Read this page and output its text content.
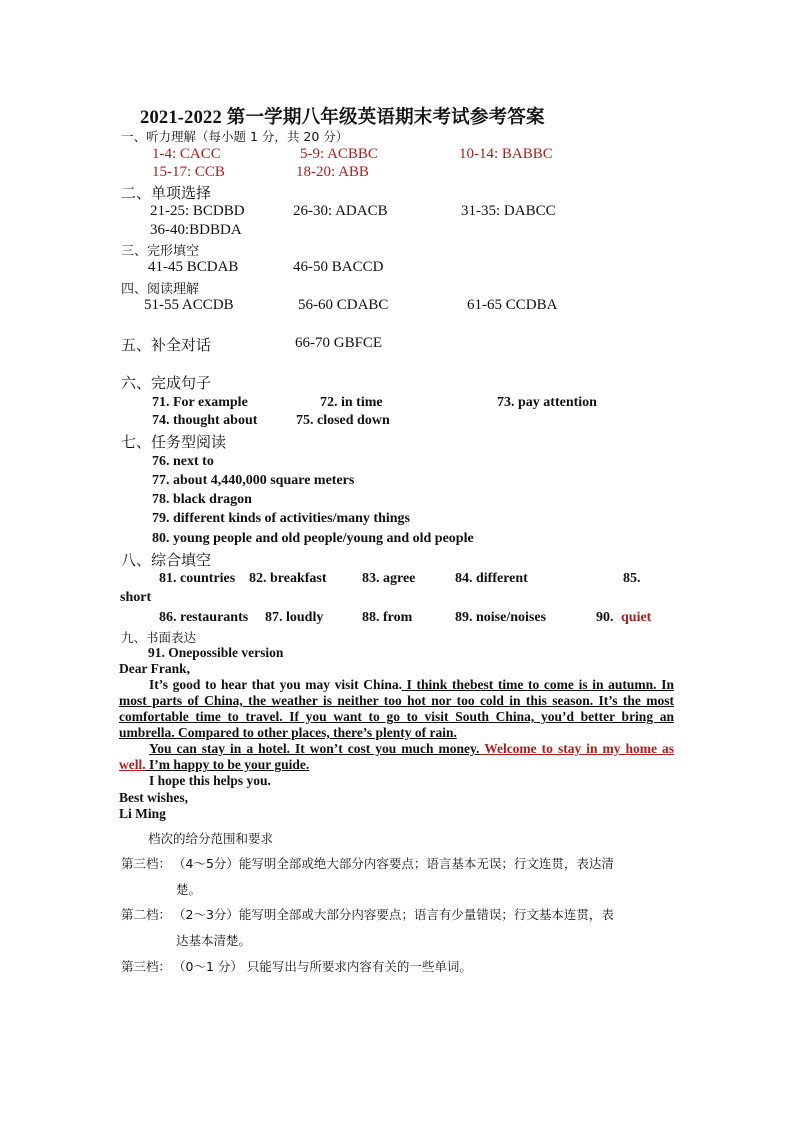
2021-2022 第一学期八年级英语期末考试参考答案
一、听力理解（每小题 1 分，共 20 分）
1-4: CACC	5-9: ACBBC	10-14: BABBC
15-17: CCB	18-20: ABB
二、单项选择
21-25: BCDBD	26-30: ADACB	31-35: DABCC
36-40:BDBDA
三、完形填空
41-45 BCDAB	46-50 BACCD
四、阅读理解
51-55 ACCDB	56-60 CDABC	61-65 CCDBA
五、补全对话	66-70 GBFCE
六、完成句子
71. For example	72. in time	73. pay attention
74. thought about	75. closed down
七、任务型阅读
76. next to
77. about 4,440,000 square meters
78. black dragon
79. different kinds of activities/many things
80. young people and old people/young and old people
八、综合填空
81. countries 82. breakfast	83. agree	84. different	85.
short
86. restaurants 87. loudly	88. from	89. noise/noises	90. quiet
九、书面表达
91. Onepossible version
Dear Frank,
It’s good to hear that you may visit China. I think thebest time to come is in autumn. In most parts of China, the weather is neither too hot nor too cold in this season. It’s the most comfortable time to travel. If you want to go to visit South China, you’d better bring an umbrella. Compared to other places, there’s plenty of rain.
You can stay in a hotel. It won’t cost you much money. Welcome to stay in my home as well. I’m happy to be your guide.
I hope this helps you.
Best wishes,
Li Ming
档次的给分范围和要求
第三档： （4～5分）能写明全部或绝大部分内容要点；语言基本无误；行文连贯，表达清
楚。
第二档： （2～3分）能写明全部或大部分内容要点；语言有少量错误；行文基本连贯，表
达基本清楚。
第三档： （0～1 分） 只能写出与所要求内容有关的一些单词。
